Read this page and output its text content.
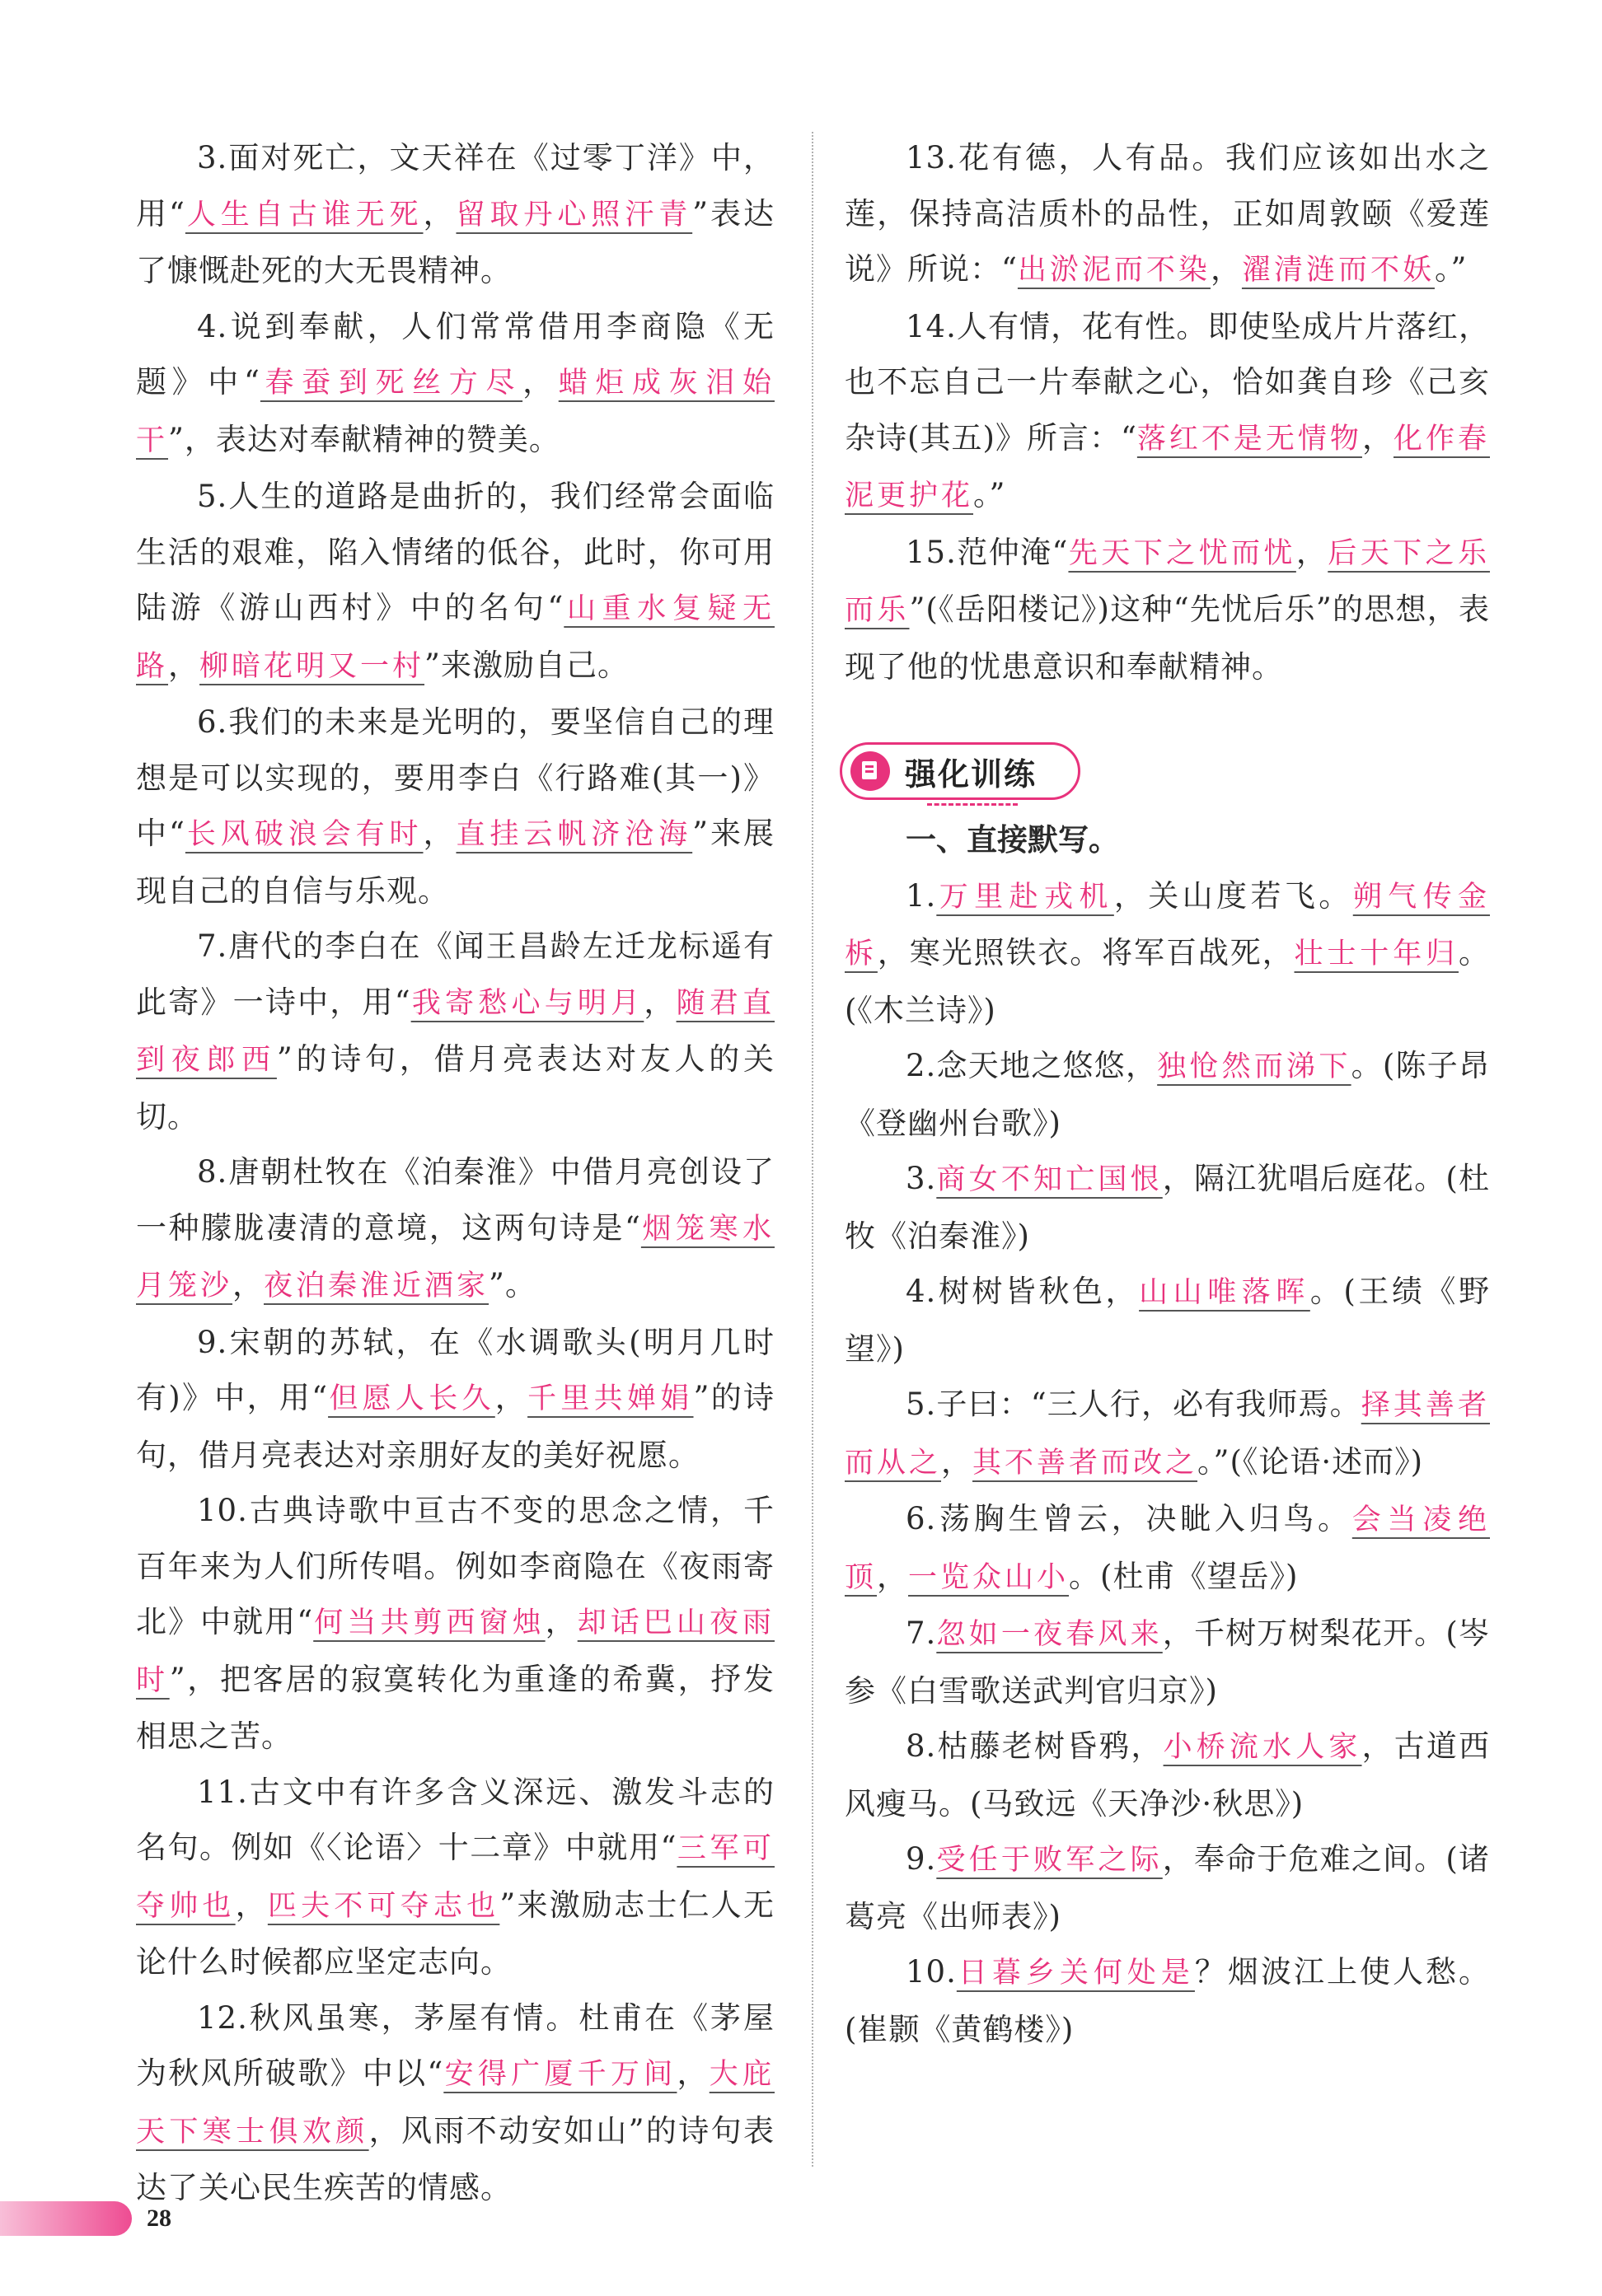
3.面对死亡，文天祥在《过零丁洋》中，用“人生自古谁无死，留取丹心照汗青”表达了慷慨赴死的大无畏精神。

4.说到奉献，人们常常借用李商隐《无题》中“春蚕到死丝方尽，蜡炬成灰泪始干”，表达对奉献精神的赞美。

5.人生的道路是曲折的，我们经常会面临生活的艰难，陷入情绪的低谷，此时，你可用陆游《游山西村》中的名句“山重水复疑无路，柳暗花明又一村”来激励自己。

6.我们的未来是光明的，要坚信自己的理想是可以实现的，要用李白《行路难(其一)》中“长风破浪会有时，直挂云帆济沧海”来展现自己的自信与乐观。

7.唐代的李白在《闻王昌龄左迁龙标遥有此寄》一诗中，用“我寄愁心与明月，随君直到夜郎西”的诗句，借月亮表达对友人的关切。

8.唐朝杜牧在《泊秦淮》中借月亮创设了一种朦胧凄清的意境，这两句诗是“烟笼寒水月笼沙，夜泊秦淮近酒家”。

9.宋朝的苏轼，在《水调歌头(明月几时有)》中，用“但愿人长久，千里共婵娟”的诗句，借月亮表达对亲朋好友的美好祝愿。

10.古典诗歌中亘古不变的思念之情，千百年来为人们所传唱。例如李商隐在《夜雨寄北》中就用“何当共剪西窗烛，却话巴山夜雨时”，把客居的寂寞转化为重逢的希冀，抒发相思之苦。

11.古文中有许多含义深远、激发斗志的名句。例如《〈论语〉十二章》中就用“三军可夺帅也，匹夫不可夺志也”来激励志士仁人无论什么时候都应坚定志向。

12.秋风虽寒，茅屋有情。杜甫在《茅屋为秋风所破歌》中以“安得广厦千万间，大庇天下寒士俱欢颜，风雨不动安如山”的诗句表达了关心民生疾苦的情感。

13.花有德，人有品。我们应该如出水之莲，保持高洁质朴的品性，正如周敦颐《爱莲说》所说：“出淤泥而不染，濯清涟而不妖。”

14.人有情，花有性。即使坠成片片落红，也不忘自己一片奉献之心，恰如龚自珍《己亥杂诗(其五)》所言：“落红不是无情物，化作春泥更护花。”

15.范仲淹“先天下之忧而忧，后天下之乐而乐”(《岳阳楼记》)这种“先忧后乐”的思想，表现了他的忧患意识和奉献精神。

强化训练

一、直接默写。

1.万里赴戎机，关山度若飞。朔气传金柝，寒光照铁衣。将军百战死，壮士十年归。(《木兰诗》)

2.念天地之悠悠，独怆然而涕下。(陈子昂《登幽州台歌》)

3.商女不知亡国恨，隔江犹唱后庭花。(杜牧《泊秦淮》)

4.树树皆秋色，山山唯落晖。(王绩《野望》)

5.子曰：“三人行，必有我师焉。择其善者而从之，其不善者而改之。”(《论语·述而》)

6.荡胸生曾云，决眦入归鸟。会当凌绝顶，一览众山小。(杜甫《望岳》)

7.忽如一夜春风来，千树万树梨花开。(岑参《白雪歌送武判官归京》)

8.枯藤老树昏鸦，小桥流水人家，古道西风瘦马。(马致远《天净沙·秋思》)

9.受任于败军之际，奉命于危难之间。(诸葛亮《出师表》)

10.日暮乡关何处是？烟波江上使人愁。(崔颢《黄鹤楼》)

28
